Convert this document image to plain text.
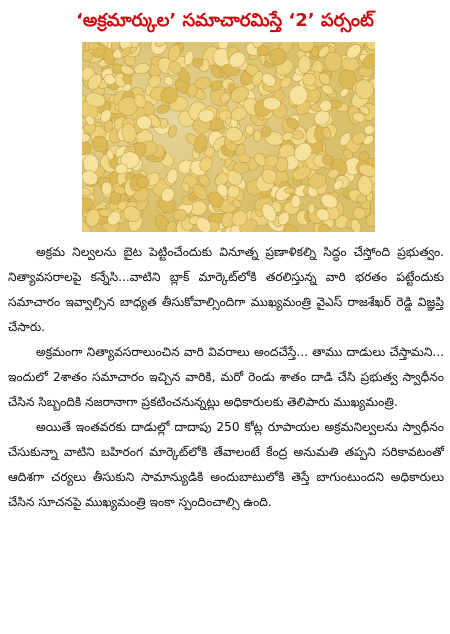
‘అక్రమార్కుల’ సమాచారమిస్తే ‘2’ పర్సంట్

అక్రమ నిల్వలను బైట పెట్టించేందుకు వినూత్న ప్రణాళికల్ని సిద్ధం చేస్తోంది ప్రభుత్వం. నిత్యావసరాలపై కన్నేసి...వాటిని బ్లాక్ మార్కెట్‌లోకి తరలిస్తున్న వారి భరతం పట్టేందుకు సమాచారం ఇవ్వాల్సిన బాధ్యత తీసుకోవాల్సిందిగా ముఖ్యమంత్రి వైఎస్ రాజశేఖర్ రెడ్డి విజ్ఞప్తి చేసారు.

అక్రమంగా నిత్యావసరాలుంచిన వారి వివరాలు అందచేస్తే... తాము దాడులు చేస్తామని... ఇందులో 2శాతం సమాచారం ఇచ్చిన వారికి, మరో రెండు శాతం దాడి చేసి ప్రభుత్వ స్వాధీనం చేసిన సిబ్బందికి నజరానాగా ప్రకటించనున్నట్లు అధికారులకు తెలిపారు ముఖ్యమంత్రి.

అయితే ఇంతవరకు దాడుల్లో దాదాపు 250 కోట్ల రూపాయల అక్రమనిల్వలను స్వాధీనం చేసుకున్నా వాటిని బహిరంగ మార్కెట్‌లోకి తేవాలంటే కేంద్ర అనుమతి తప్పని సరికావటంతో ఆదిశగా చర్యలు తీసుకుని సామాన్యుడికి అందుబాటులోకి తెస్తే బాగుంటుందని అధికారులు చేసిన సూచనపై ముఖ్యమంత్రి ఇంకా స్పందించాల్సి ఉంది.
